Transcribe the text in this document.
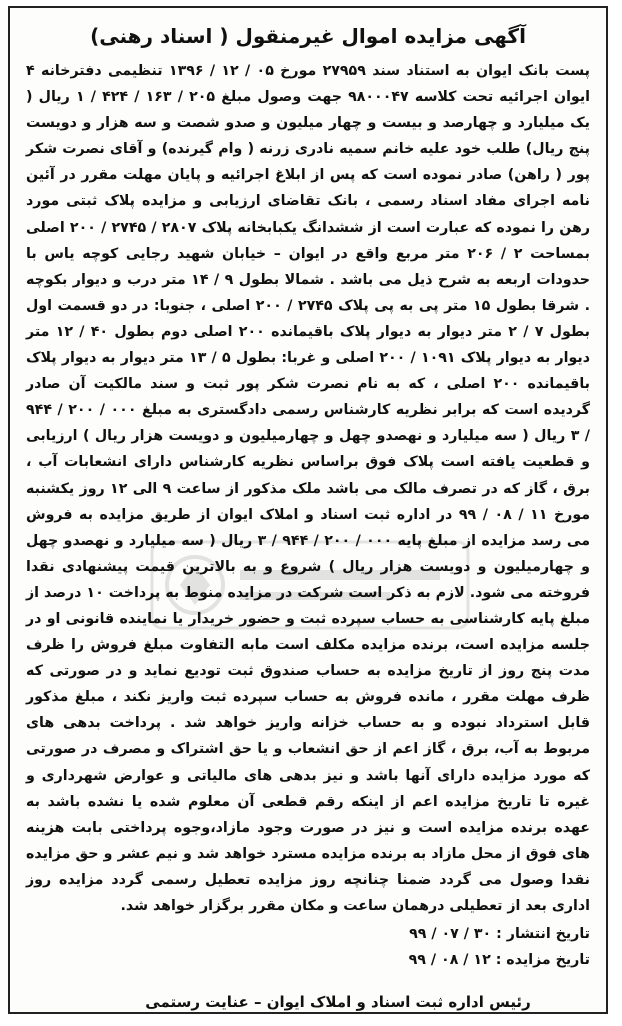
آگهی مزایده اموال غیرمنقول ( اسناد رهنی)

پست بانک ایوان به استناد سند ۲۷۹۵۹ مورخ ۰۵ / ۱۲ / ۱۳۹۶ تنظیمی دفترخانه ۴ ایوان اجرائیه تحت کلاسه ۹۸۰۰۰۴۷ جهت وصول مبلغ ۲۰۵ / ۱۶۳ / ۴۲۴ / ۱ ریال ( یک میلیارد و چهارصد و بیست و چهار میلیون و صدو شصت و سه هزار و دویست پنج ریال) طلب خود علیه خانم سمیه نادری زرنه ( وام گیرنده) و آقای نصرت شکر پور ( راهن) صادر نموده است که پس از ابلاغ اجرائیه و پایان مهلت مقرر در آئین نامه اجرای مفاد اسناد رسمی ، بانک تقاضای ارزیابی و مزایده پلاک ثبتی مورد رهن را نموده که عبارت است از ششدانگ یکبابخانه پلاک ۲۸۰۷ / ۲۷۴۵ / ۲۰۰ اصلی بمساحت ۲ / ۲۰۶ متر مربع واقع در ایوان – خیابان شهید رجایی کوچه یاس با حدودات اربعه به شرح ذیل می باشد . شمالا بطول ۹ / ۱۴ متر درب و دیوار بکوچه . شرقا بطول ۱۵ متر پی به پی پلاک ۲۷۴۵ / ۲۰۰ اصلی ، جنوبا: در دو قسمت اول بطول ۷ / ۲ متر دیوار به دیوار پلاک باقیمانده ۲۰۰ اصلی دوم بطول ۴۰ / ۱۲ متر دیوار به دیوار پلاک ۱۰۹۱ / ۲۰۰ اصلی و غربا: بطول ۵ / ۱۳ متر دیوار به دیوار پلاک باقیمانده ۲۰۰ اصلی ، که به نام نصرت شکر پور ثبت و سند مالکیت آن صادر گردیده است که برابر نظریه کارشناس رسمی دادگستری به مبلغ ۰۰۰ / ۲۰۰ / ۹۴۴ / ۳ ریال ( سه میلیارد و نهصدو چهل و چهارمیلیون و دویست هزار ریال ) ارزیابی و قطعیت یافته است پلاک فوق براساس نظریه کارشناس دارای انشعابات آب ، برق ، گاز که در تصرف مالک می باشد ملک مذکور از ساعت ۹ الی ۱۲ روز یکشنبه مورخ ۱۱ / ۰۸ / ۹۹ در اداره ثبت اسناد و املاک ایوان از طریق مزایده به فروش می رسد مزایده از مبلغ پایه ۰۰۰ / ۲۰۰ / ۹۴۴ / ۳ ریال ( سه میلیارد و نهصدو چهل و چهارمیلیون و دویست هزار ریال ) شروع و به بالاترین قیمت پیشنهادی نقدا فروخته می شود. لازم به ذکر است شرکت در مزایده منوط به پرداخت ۱۰ درصد از مبلغ پایه کارشناسی به حساب سپرده ثبت و حضور خریدار یا نماینده قانونی او در جلسه مزایده است، برنده مزایده مکلف است مابه التفاوت مبلغ فروش را ظرف مدت پنج روز از تاریخ مزایده به حساب صندوق ثبت تودیع نماید و در صورتی که ظرف مهلت مقرر ، مانده فروش به حساب سپرده ثبت واریز نکند ، مبلغ مذکور قابل استرداد نبوده و به حساب خزانه واریز خواهد شد . پرداخت بدهی های مربوط به آب، برق ، گاز اعم از حق انشعاب و یا حق اشتراک و مصرف در صورتی که مورد مزایده دارای آنها باشد و نیز بدهی های مالیاتی و عوارض شهرداری و غیره تا تاریخ مزایده اعم از اینکه رقم قطعی آن معلوم شده یا نشده باشد به عهده برنده مزایده است و نیز در صورت وجود مازاد،وجوه پرداختی بابت هزینه های فوق از محل مازاد به برنده مزایده مسترد خواهد شد و نیم عشر و حق مزایده نقدا وصول می گردد ضمنا چنانچه روز مزایده تعطیل رسمی گردد مزایده روز اداری بعد از تعطیلی درهمان ساعت و مکان مقرر برگزار خواهد شد.

تاریخ انتشار : ۳۰ / ۰۷ / ۹۹
تاریخ مزایده : ۱۲ / ۰۸ / ۹۹
رئیس اداره ثبت اسناد و املاک ایوان – عنایت رستمی
